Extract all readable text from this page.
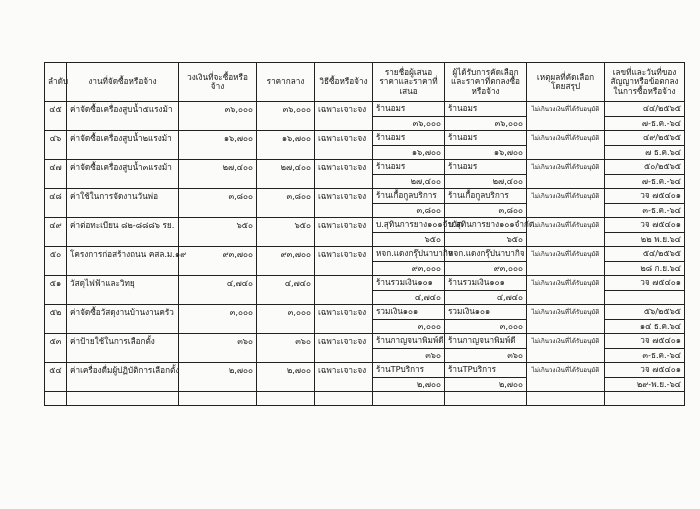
ลำดับ	งานที่จัดซื้อหรือจ้าง	วงเงินที่จะซื้อหรือจ้าง	ราคากลาง	วิธีซื้อหรือจ้าง	รายชื่อผู้เสนอราคาและราคาที่เสนอ	ผู้ได้รับการคัดเลือกและราคาที่ตกลงซื้อหรือจ้าง	เหตุผลที่คัดเลือกโดยสรุป	เลขที่และวันที่ของสัญญาหรือข้อตกลงในการซื้อหรือจ้าง
๔๕	ค่าจัดซื้อเครื่องสูบน้ำ๕แรงม้า	๓๖,๐๐๐	๓๖,๐๐๐	เฉพาะเจาะจง	ร้านอมร	ร้านอมร	ไม่เกินวงเงินที่ได้รับอนุมัติ	๔๔/๒๕๖๕
					๓๖,๐๐๐	๓๖,๐๐๐		๗-ธ.ค.-๖๔
๔๖	ค่าจัดซื้อเครื่องสูบน้ำ๒แรงม้า	๑๖,๗๐๐	๑๖,๗๐๐	เฉพาะเจาะจง	ร้านอมร	ร้านอมร	ไม่เกินวงเงินที่ได้รับอนุมัติ	๔๙/๒๕๖๕
					๑๖,๗๐๐	๑๖,๗๐๐		๗ ธ.ค.๖๔
๔๗	ค่าจัดซื้อเครื่องสูบน้ำ๓แรงม้า	๒๗,๔๐๐	๒๗,๔๐๐	เฉพาะเจาะจง	ร้านอมร	ร้านอมร	ไม่เกินวงเงินที่ได้รับอนุมัติ	๕๐/๒๕๖๕
					๒๗,๔๐๐	๒๗,๔๐๐		๗-ธ.ค.-๖๔
๔๘	ค่าใช้ในการจัดงานวันพ่อ	๓,๘๐๐	๓,๘๐๐	เฉพาะเจาะจง	ร้านเกื้อกูลบริการ	ร้านเกื้อกูลบริการ	ไม่เกินวงเงินที่ได้รับอนุมัติ	วจ ๗๕๔๐๑
					๓,๘๐๐	๓,๘๐๐		๓-ธ.ค.-๖๔
๔๙	ค่าต่อทะเบียน ๘๒-๘๘๘๖ รย.	๖๕๐	๖๕๐	เฉพาะเจาะจง	บ.สุทินการยาง๑๐๑จำกัด	บ.สุทินการยาง๑๐๑จำกัด	ไม่เกินวงเงินที่ได้รับอนุมัติ	วจ ๗๕๔๐๑
					๖๕๐	๖๕๐		๒๒ พ.ย.๖๔
๕๐	โครงการก่อสร้างถนน คสล.ม.๑๙	๙๓,๗๐๐	๙๓,๗๐๐	เฉพาะเจาะจง	หจก.แดงกรุ๊ปนาบากิจ	หจก.แดงกรุ๊ปนาบากิจ	ไม่เกินวงเงินที่ได้รับอนุมัติ	๕๔/๒๕๖๕
					๙๓,๐๐๐	๙๓,๐๐๐		๒๘ ก.ย.๖๔
๕๑	วัสดุไฟฟ้าและวิทยุ	๔,๗๔๐	๔,๗๔๐		ร้านรวมเงิน๑๐๑	ร้านรวมเงิน๑๐๑	ไม่เกินวงเงินที่ได้รับอนุมัติ	วจ ๗๕๔๐๑
					๔,๗๔๐	๔,๗๔๐		
๕๒	ค่าจัดซื้อวัสดุงานบ้านงานครัว	๓,๐๐๐	๓,๐๐๐	เฉพาะเจาะจง	รวมเงิน๑๐๑	รวมเงิน๑๐๑	ไม่เกินวงเงินที่ได้รับอนุมัติ	๕๖/๒๕๖๕
					๓,๐๐๐	๓,๐๐๐		๑๔ ธ.ค.๖๔
๕๓	ค่าป้ายใช้ในการเลือกตั้ง	๓๖๐	๓๖๐	เฉพาะเจาะจง	ร้านกาญจนาพิมพ์ดี	ร้านกาญจนาพิมพ์ดี	ไม่เกินวงเงินที่ได้รับอนุมัติ	วจ ๗๕๔๐๑
					๓๖๐	๓๖๐		๓-ธ.ค.-๖๔
๕๔	ค่าเครื่องดื่มผู้ปฏิบัติการเลือกตั้ง	๒,๗๐๐	๒,๗๐๐	เฉพาะเจาะจง	ร้านTPบริการ	ร้านTPบริการ	ไม่เกินวงเงินที่ได้รับอนุมัติ	วจ ๗๕๔๐๑
					๒,๗๐๐	๒,๗๐๐		๒๙-พ.ย.-๖๔
